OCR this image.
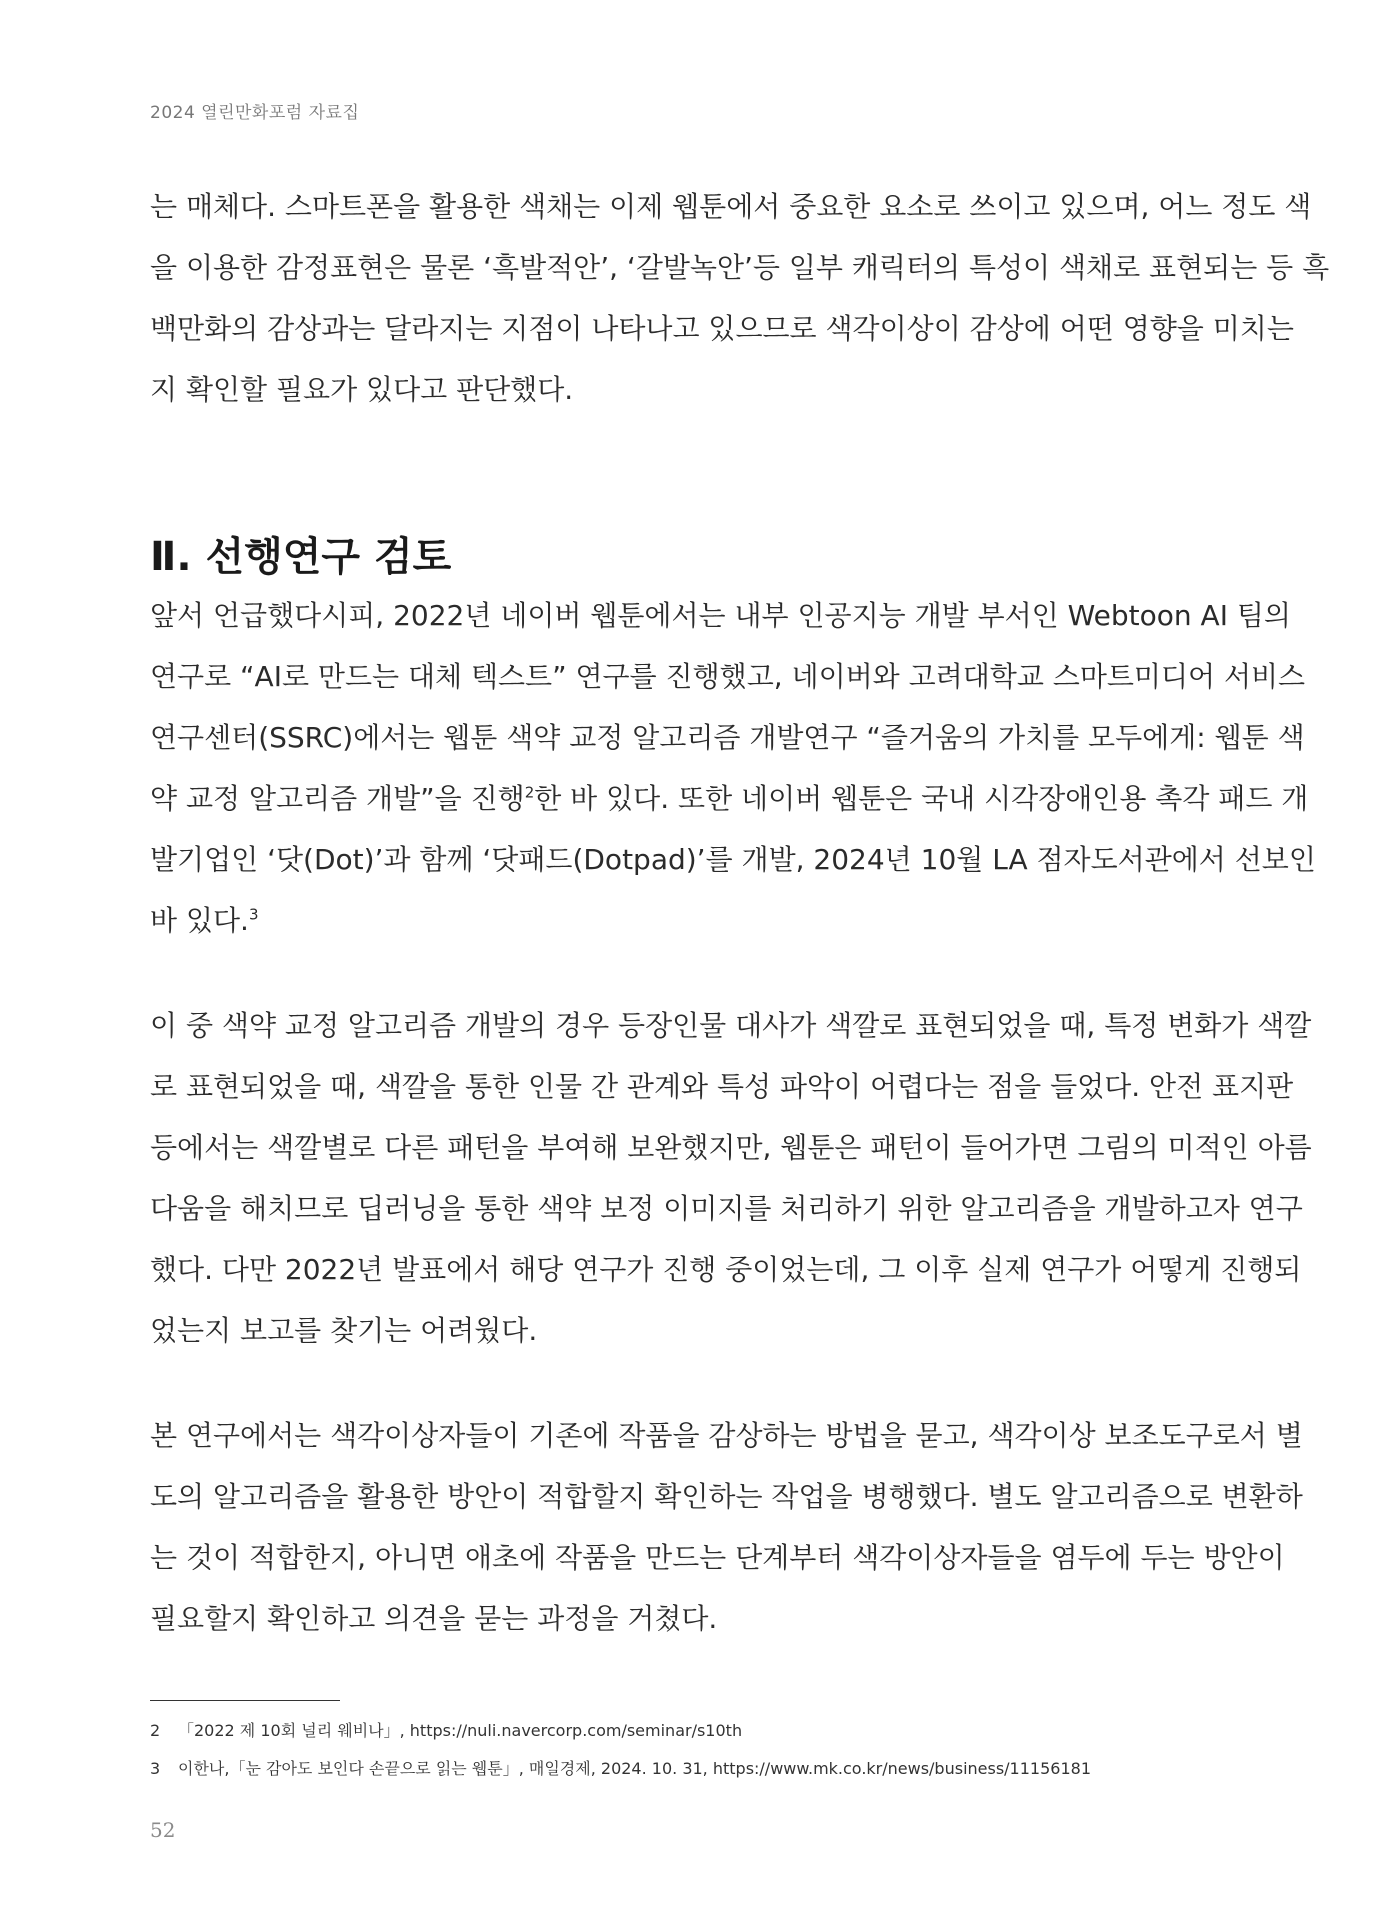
2024 열린만화포럼 자료집

는 매체다. 스마트폰을 활용한 색채는 이제 웹툰에서 중요한 요소로 쓰이고 있으며, 어느 정도 색
을 이용한 감정표현은 물론 ‘흑발적안’, ‘갈발녹안’등 일부 캐릭터의 특성이 색채로 표현되는 등 흑
백만화의 감상과는 달라지는 지점이 나타나고 있으므로 색각이상이 감상에 어떤 영향을 미치는
지 확인할 필요가 있다고 판단했다.

Ⅱ. 선행연구 검토

앞서 언급했다시피, 2022년 네이버 웹툰에서는 내부 인공지능 개발 부서인 Webtoon AI 팀의
연구로 “AI로 만드는 대체 텍스트” 연구를 진행했고, 네이버와 고려대학교 스마트미디어 서비스
연구센터(SSRC)에서는 웹툰 색약 교정 알고리즘 개발연구 “즐거움의 가치를 모두에게: 웹툰 색
약 교정 알고리즘 개발”을 진행$^2$한 바 있다. 또한 네이버 웹툰은 국내 시각장애인용 촉각 패드 개
발기업인 ‘닷(Dot)’과 함께 ‘닷패드(Dotpad)’를 개발, 2024년 10월 LA 점자도서관에서 선보인
바 있다.$^3$

이 중 색약 교정 알고리즘 개발의 경우 등장인물 대사가 색깔로 표현되었을 때, 특정 변화가 색깔
로 표현되었을 때, 색깔을 통한 인물 간 관계와 특성 파악이 어렵다는 점을 들었다. 안전 표지판
등에서는 색깔별로 다른 패턴을 부여해 보완했지만, 웹툰은 패턴이 들어가면 그림의 미적인 아름
다움을 해치므로 딥러닝을 통한 색약 보정 이미지를 처리하기 위한 알고리즘을 개발하고자 연구
했다. 다만 2022년 발표에서 해당 연구가 진행 중이었는데, 그 이후 실제 연구가 어떻게 진행되
었는지 보고를 찾기는 어려웠다.

본 연구에서는 색각이상자들이 기존에 작품을 감상하는 방법을 묻고, 색각이상 보조도구로서 별
도의 알고리즘을 활용한 방안이 적합할지 확인하는 작업을 병행했다. 별도 알고리즘으로 변환하
는 것이 적합한지, 아니면 애초에 작품을 만드는 단계부터 색각이상자들을 염두에 두는 방안이
필요할지 확인하고 의견을 묻는 과정을 거쳤다.

2 「2022 제 10회 널리 웨비나」, https://nuli.navercorp.com/seminar/s10th
3 이한나,「눈 감아도 보인다 손끝으로 읽는 웹툰」, 매일경제, 2024. 10. 31, https://www.mk.co.kr/news/business/11156181
52
